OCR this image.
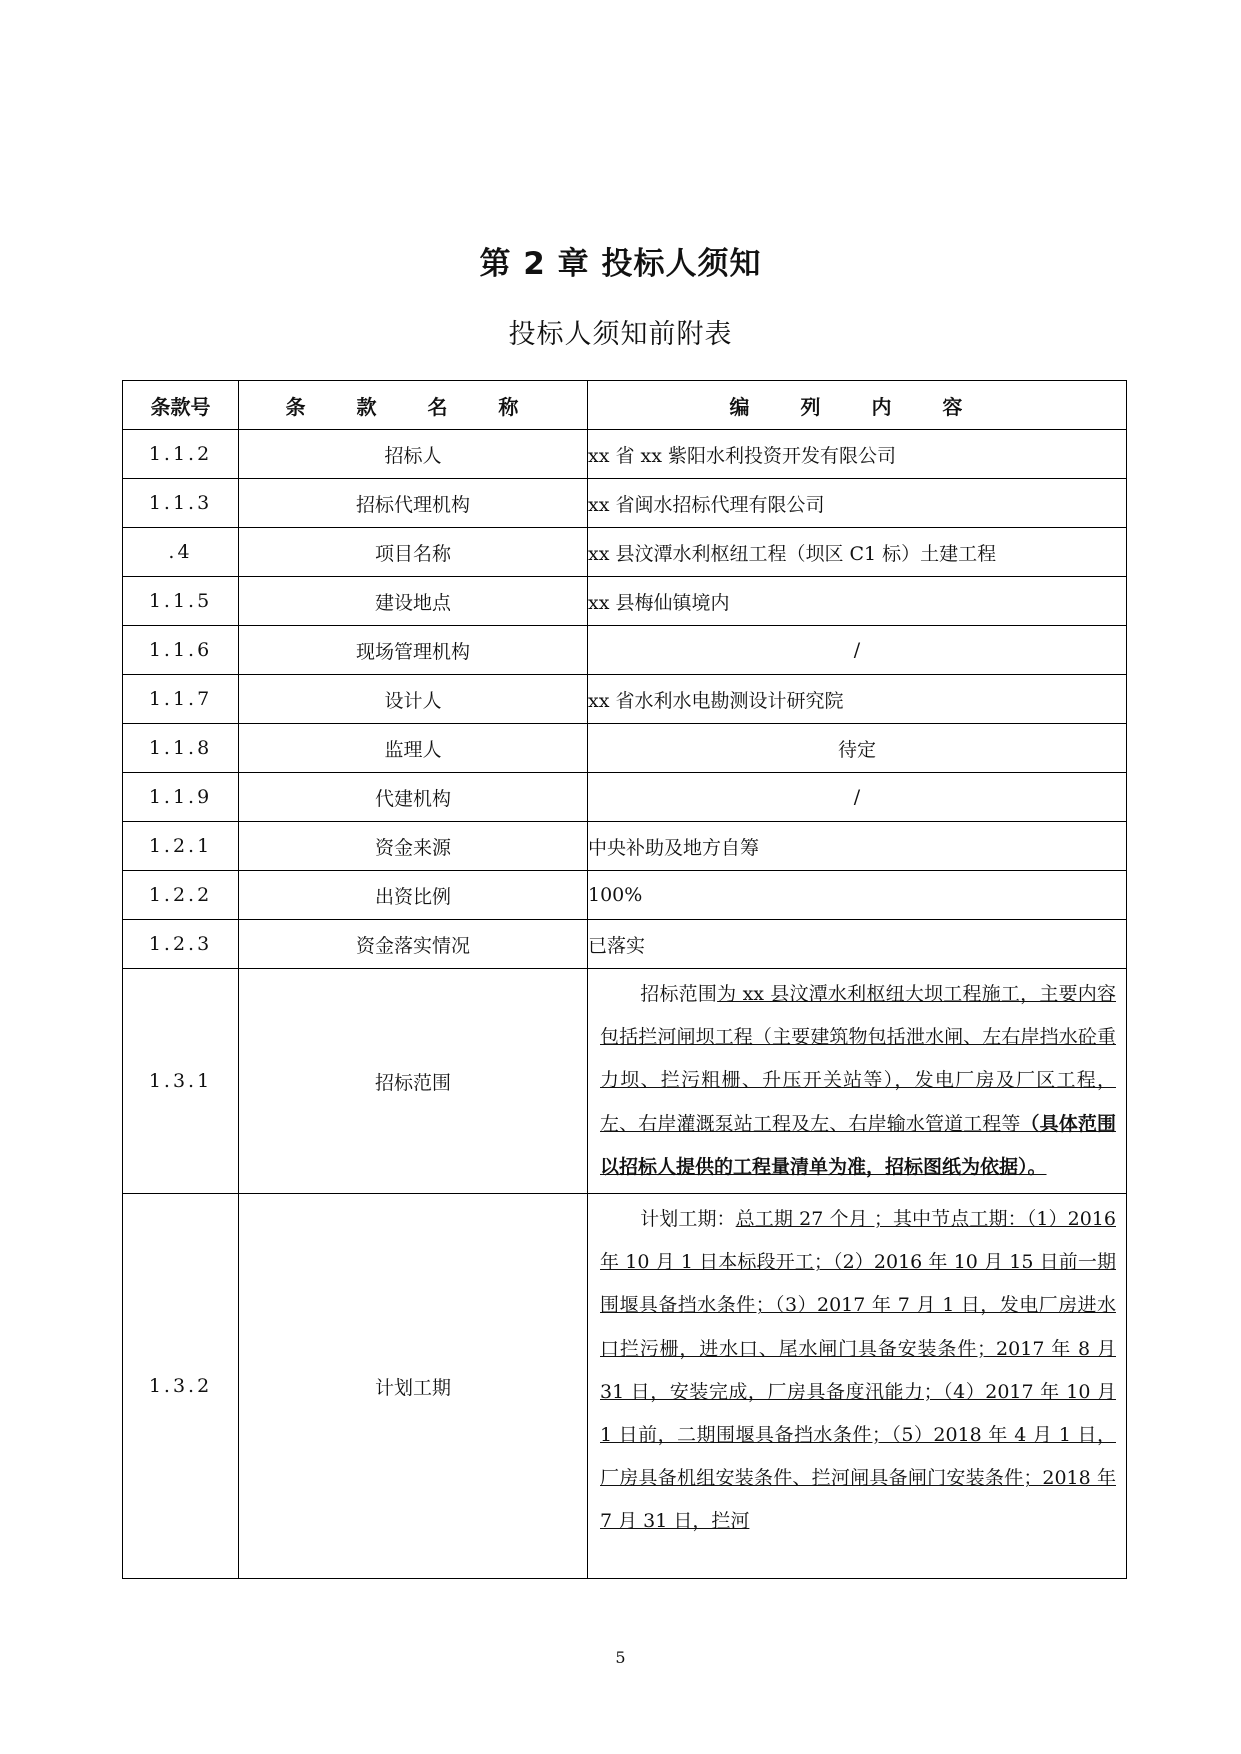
第 2 章 投标人须知
投标人须知前附表
条款号	条 款 名 称	编 列 内 容
1.1.2	招标人	xx 省 xx 紫阳水利投资开发有限公司
1.1.3	招标代理机构	xx 省闽水招标代理有限公司
.4	项目名称	xx 县汶潭水利枢纽工程（坝区 C1 标）土建工程
1.1.5	建设地点	xx 县梅仙镇境内
1.1.6	现场管理机构	/
1.1.7	设计人	xx 省水利水电勘测设计研究院
1.1.8	监理人	待定
1.1.9	代建机构	/
1.2.1	资金来源	中央补助及地方自筹
1.2.2	出资比例	100%
1.2.3	资金落实情况	已落实
1.3.1	招标范围	招标范围为 xx 县汶潭水利枢纽大坝工程施工，主要内容包括拦河闸坝工程（主要建筑物包括泄水闸、左右岸挡水砼重力坝、拦污粗栅、升压开关站等），发电厂房及厂区工程，左、右岸灌溉泵站工程及左、右岸输水管道工程等（具体范围以招标人提供的工程量清单为准，招标图纸为依据）。

1.3.2	计划工期	计划工期：总工期 27 个月 ；其中节点工期：（1）2016 年 10 月 1 日本标段开工；（2）2016 年 10 月 15 日前一期围堰具备挡水条件；（3）2017 年 7 月 1 日，发电厂房进水口拦污栅，进水口、尾水闸门具备安装条件；2017 年 8 月 31 日，安装完成，厂房具备度汛能力；（4）2017 年 10 月 1 日前，二期围堰具备挡水条件；（5）2018 年 4 月 1 日，厂房具备机组安装条件、拦河闸具备闸门安装条件；2018 年 7 月 31 日，拦河
5
